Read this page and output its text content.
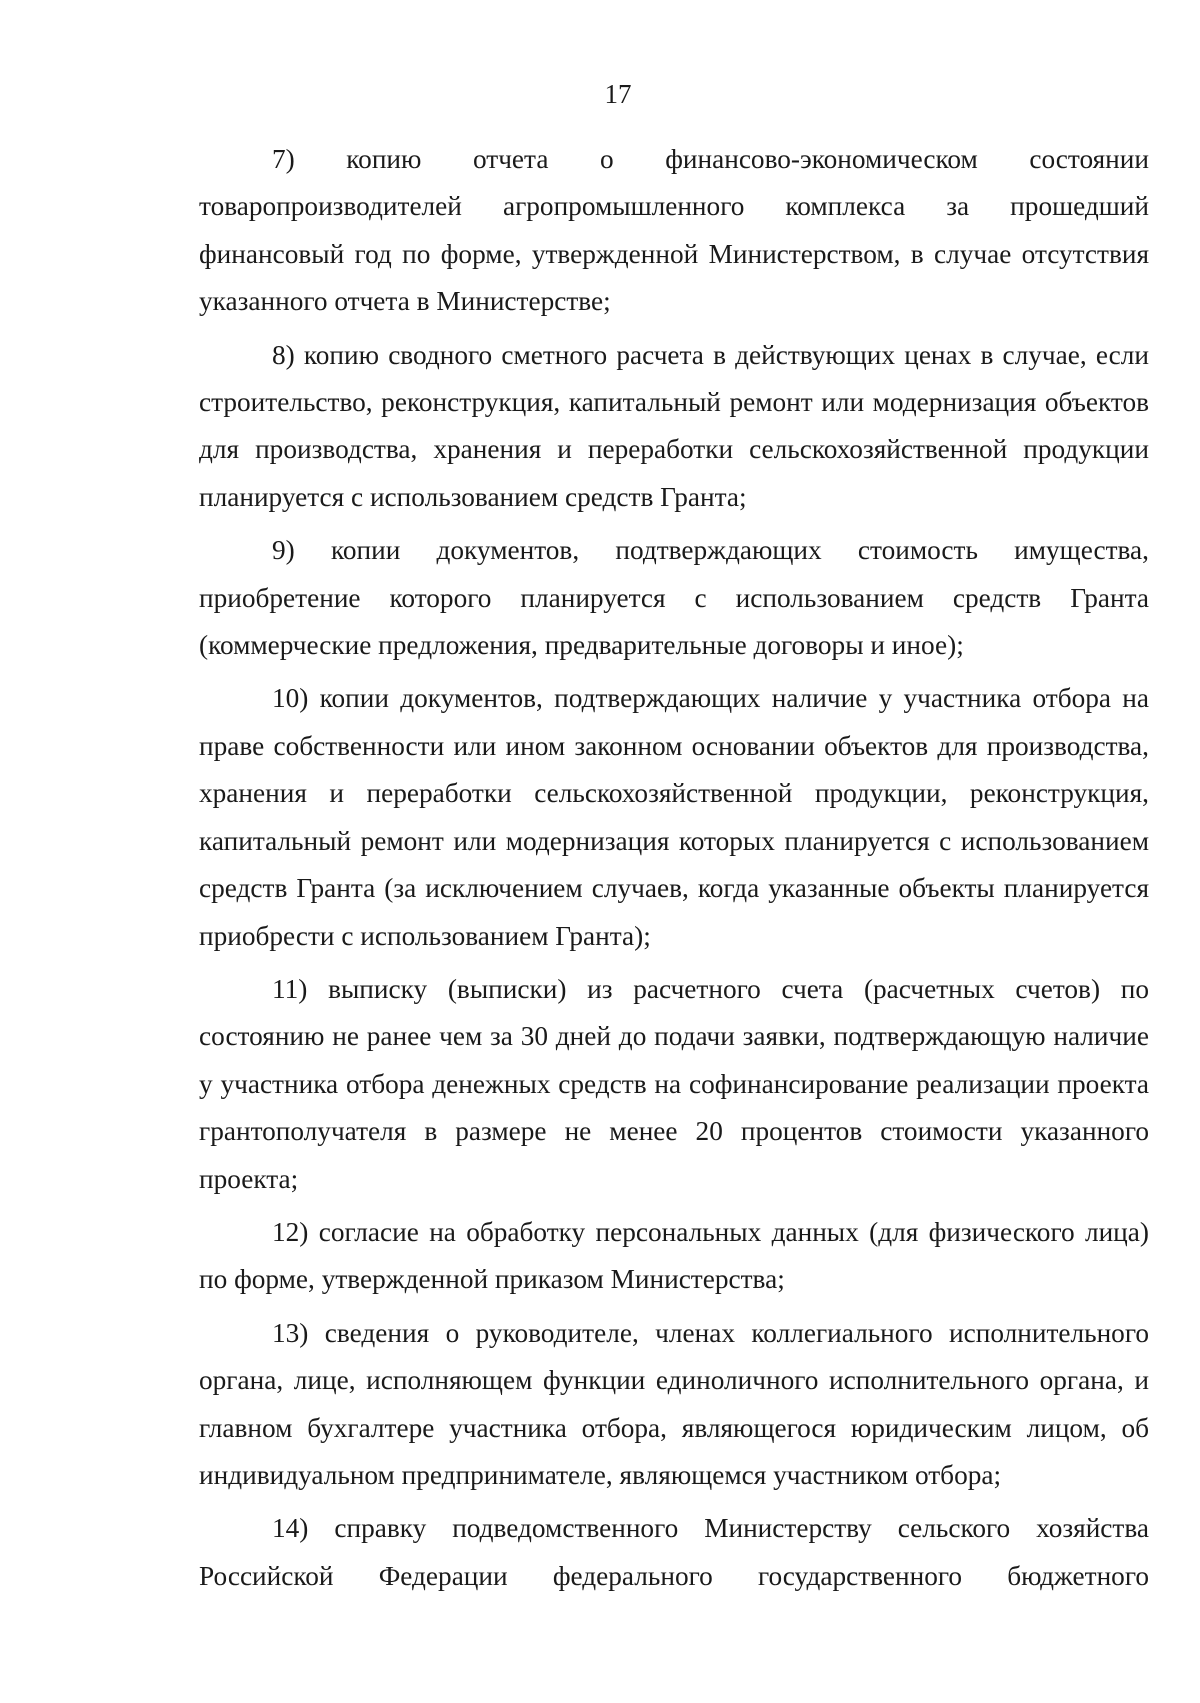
17

7) копию отчета о финансово-экономическом состоянии товаропроизводителей агропромышленного комплекса за прошедший финансовый год по форме, утвержденной Министерством, в случае отсутствия указанного отчета в Министерстве;

8) копию сводного сметного расчета в действующих ценах в случае, если строительство, реконструкция, капитальный ремонт или модернизация объектов для производства, хранения и переработки сельскохозяйственной продукции планируется с использованием средств Гранта;

9) копии документов, подтверждающих стоимость имущества, приобретение которого планируется с использованием средств Гранта (коммерческие предложения, предварительные договоры и иное);

10) копии документов, подтверждающих наличие у участника отбора на праве собственности или ином законном основании объектов для производства, хранения и переработки сельскохозяйственной продукции, реконструкция, капитальный ремонт или модернизация которых планируется с использованием средств Гранта (за исключением случаев, когда указанные объекты планируется приобрести с использованием Гранта);

11) выписку (выписки) из расчетного счета (расчетных счетов) по состоянию не ранее чем за 30 дней до подачи заявки, подтверждающую наличие у участника отбора денежных средств на софинансирование реализации проекта грантополучателя в размере не менее 20 процентов стоимости указанного проекта;

12) согласие на обработку персональных данных (для физического лица) по форме, утвержденной приказом Министерства;

13) сведения о руководителе, членах коллегиального исполнительного органа, лице, исполняющем функции единоличного исполнительного органа, и главном бухгалтере участника отбора, являющегося юридическим лицом, об индивидуальном предпринимателе, являющемся участником отбора;

14) справку подведомственного Министерству сельского хозяйства Российской Федерации федерального государственного бюджетного
